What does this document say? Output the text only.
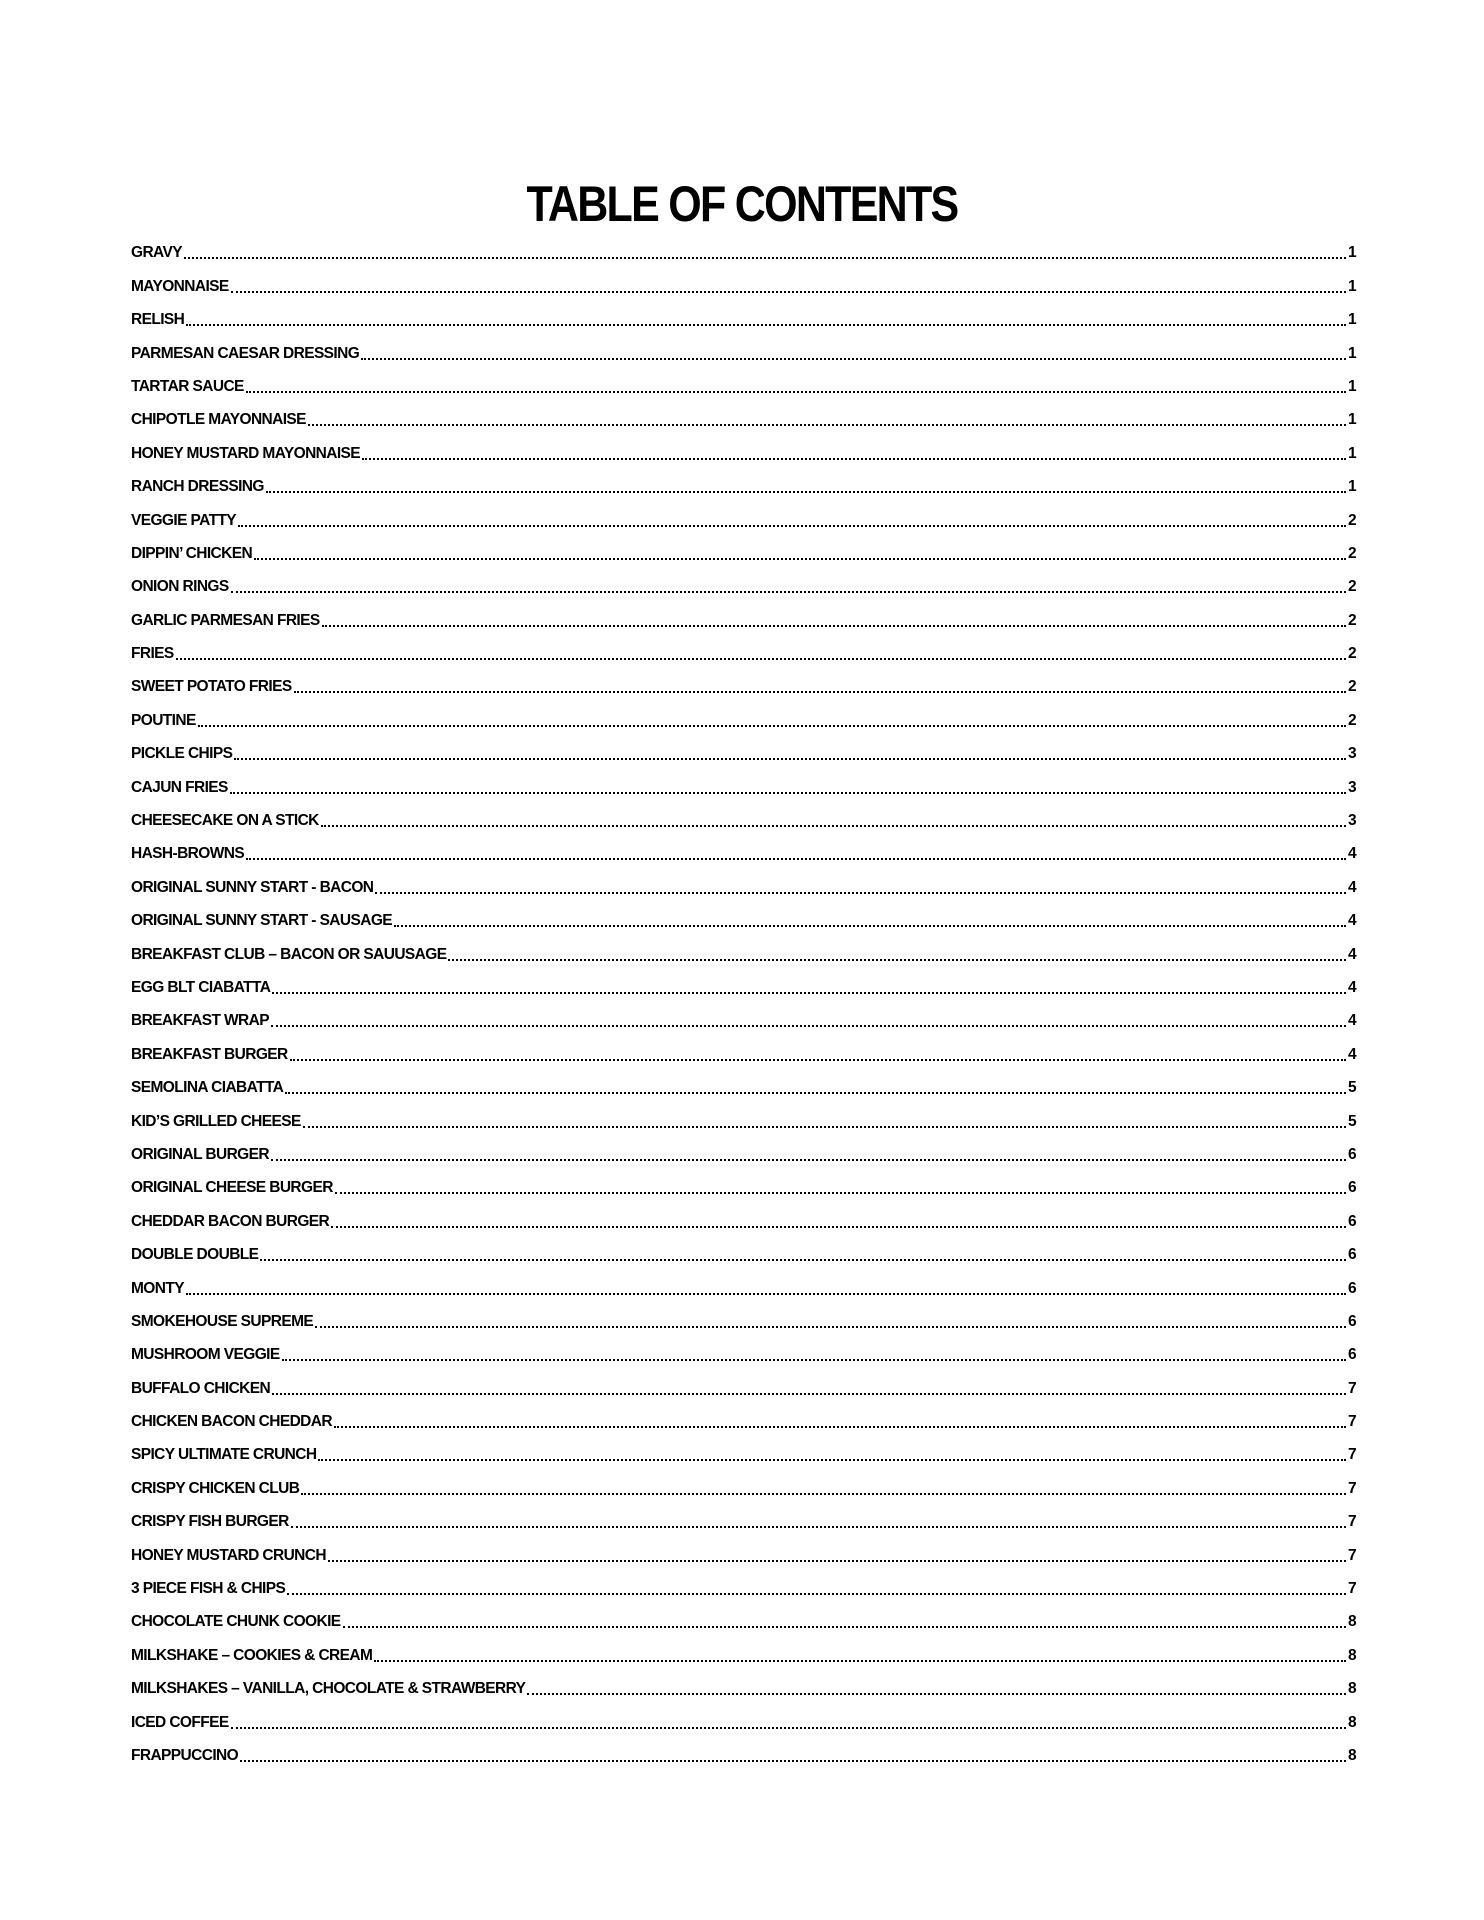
TABLE OF CONTENTS
GRAVY	1
MAYONNAISE	1
RELISH	1
PARMESAN CAESAR DRESSING	1
TARTAR SAUCE	1
CHIPOTLE MAYONNAISE	1
HONEY MUSTARD MAYONNAISE	1
RANCH DRESSING	1
VEGGIE PATTY	2
DIPPIN’ CHICKEN	2
ONION RINGS	2
GARLIC PARMESAN FRIES	2
FRIES	2
SWEET POTATO FRIES	2
POUTINE	2
PICKLE CHIPS	3
CAJUN FRIES	3
CHEESECAKE ON A STICK	3
HASH-BROWNS	4
ORIGINAL SUNNY START - BACON	4
ORIGINAL SUNNY START - SAUSAGE	4
BREAKFAST CLUB – BACON OR SAUUSAGE	4
EGG BLT CIABATTA	4
BREAKFAST WRAP	4
BREAKFAST BURGER	4
SEMOLINA CIABATTA	5
KID’S GRILLED CHEESE	5
ORIGINAL BURGER	6
ORIGINAL CHEESE BURGER	6
CHEDDAR BACON BURGER	6
DOUBLE DOUBLE	6
MONTY	6
SMOKEHOUSE SUPREME	6
MUSHROOM VEGGIE	6
BUFFALO CHICKEN	7
CHICKEN BACON CHEDDAR	7
SPICY ULTIMATE CRUNCH	7
CRISPY CHICKEN CLUB	7
CRISPY FISH BURGER	7
HONEY MUSTARD CRUNCH	7
3 PIECE FISH & CHIPS	7
CHOCOLATE CHUNK COOKIE	8
MILKSHAKE – COOKIES & CREAM	8
MILKSHAKES – VANILLA, CHOCOLATE & STRAWBERRY	8
ICED COFFEE	8
FRAPPUCCINO	8
